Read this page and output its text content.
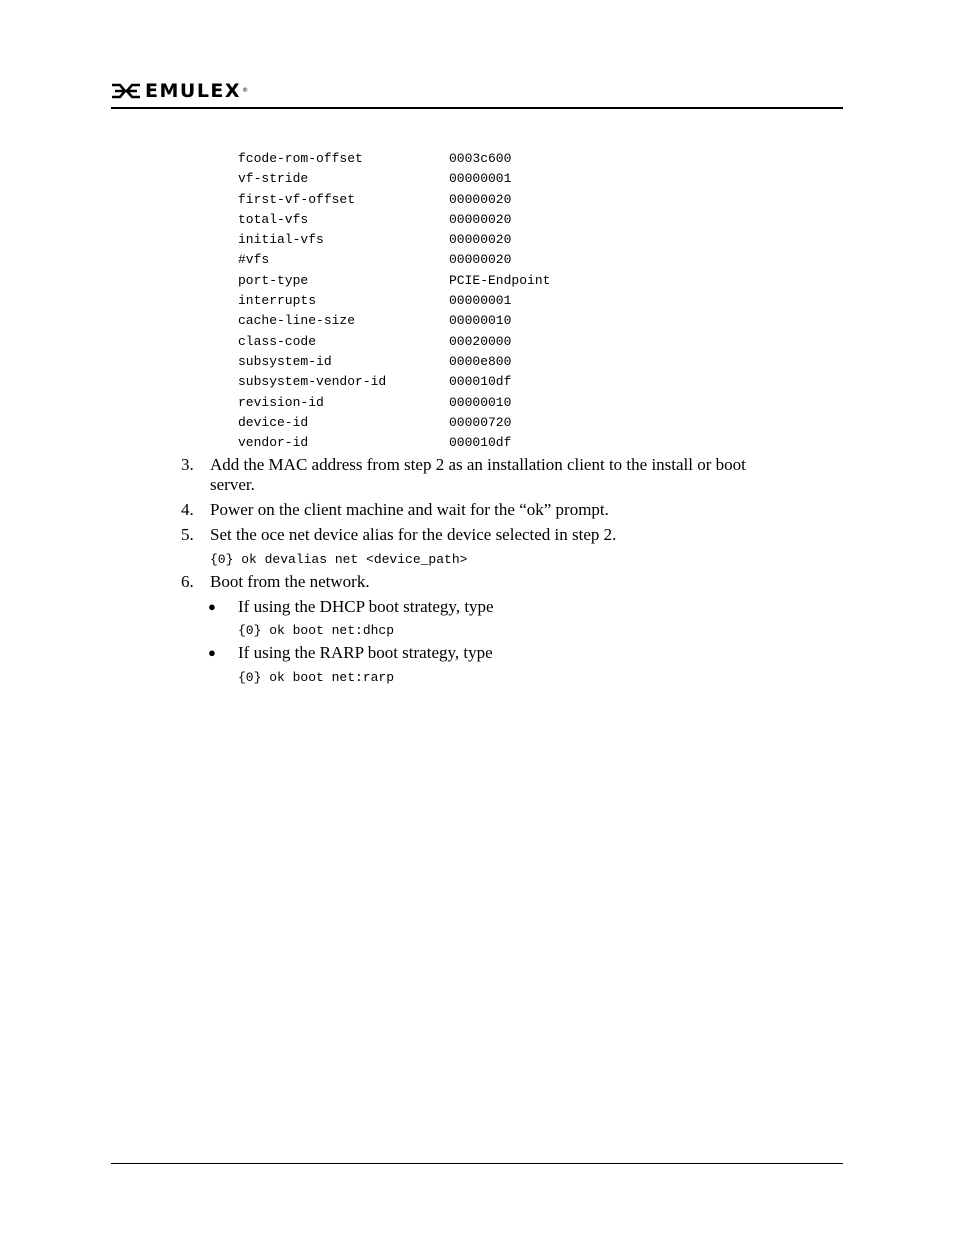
EMULEX ®
fcode-rom-offset	0003c600
vf-stride	00000001
first-vf-offset	00000020
total-vfs	00000020
initial-vfs	00000020
#vfs	00000020
port-type	PCIE-Endpoint
interrupts	00000001
cache-line-size	00000010
class-code	00020000
subsystem-id	0000e800
subsystem-vendor-id	000010df
revision-id	00000010
device-id	00000720
vendor-id	000010df
3. Add the MAC address from step 2 as an installation client to the install or boot
server.
4. Power on the client machine and wait for the “ok” prompt.
5. Set the oce net device alias for the device selected in step 2.
{0} ok devalias net <device_path>
6. Boot from the network.
● If using the DHCP boot strategy, type
{0} ok boot net:dhcp
● If using the RARP boot strategy, type
{0} ok boot net:rarp
